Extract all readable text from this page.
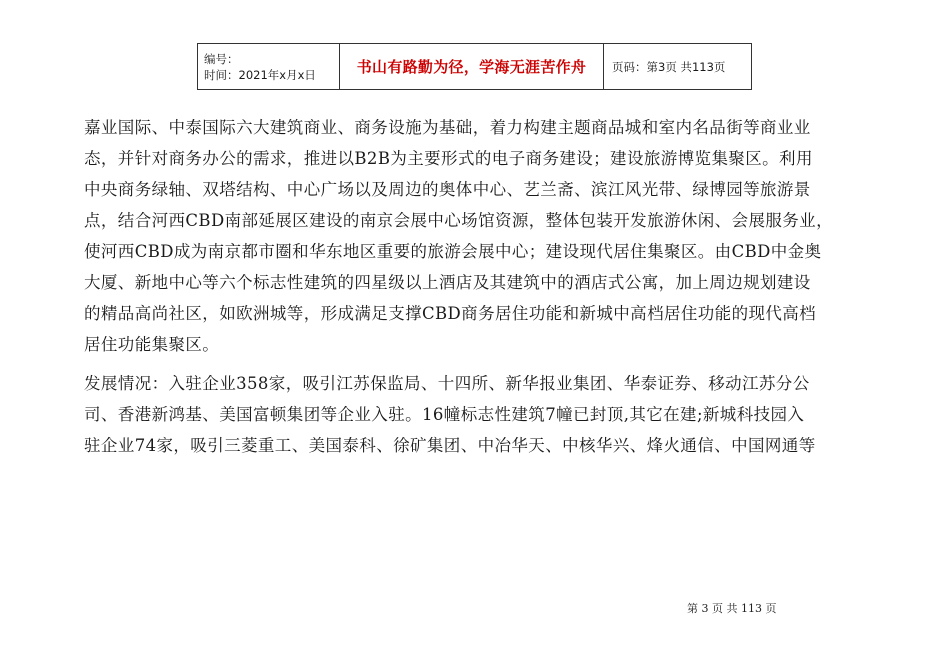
编号：
时间：2021年x月x日	书山有路勤为径，学海无涯苦作舟 页码：第3页 共113页

嘉业国际、中泰国际六大建筑商业、商务设施为基础，着力构建主题商品城和室内名品街等商业业
态，并针对商务办公的需求，推进以B2B为主要形式的电子商务建设；建设旅游博览集聚区。利用
中央商务绿轴、双塔结构、中心广场以及周边的奥体中心、艺兰斋、滨江风光带、绿博园等旅游景
点，结合河西CBD南部延展区建设的南京会展中心场馆资源，整体包装开发旅游休闲、会展服务业，
使河西CBD成为南京都市圈和华东地区重要的旅游会展中心；建设现代居住集聚区。由CBD中金奥
大厦、新地中心等六个标志性建筑的四星级以上酒店及其建筑中的酒店式公寓，加上周边规划建设
的精品高尚社区，如欧洲城等，形成满足支撑CBD商务居住功能和新城中高档居住功能的现代高档
居住功能集聚区。

发展情况：入驻企业358家，吸引江苏保监局、十四所、新华报业集团、华泰证券、移动江苏分公
司、香港新鸿基、美国富顿集团等企业入驻。16幢标志性建筑7幢已封顶,其它在建;新城科技园入
驻企业74家，吸引三菱重工、美国泰科、徐矿集团、中冶华天、中核华兴、烽火通信、中国网通等

第 3 页 共 113 页
